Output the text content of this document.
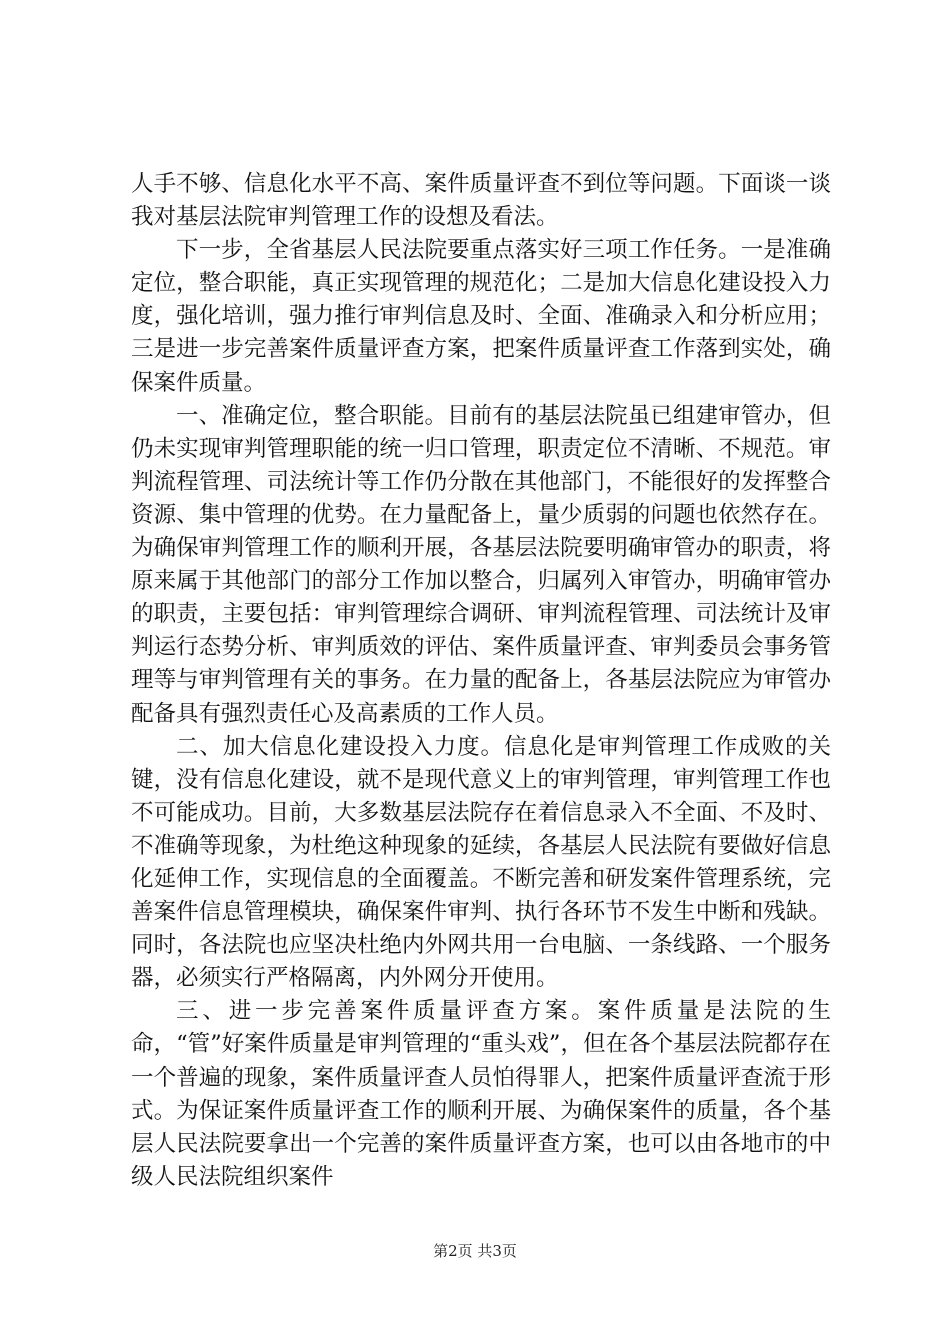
人手不够、信息化水平不高、案件质量评查不到位等问题。下面谈一谈我对基层法院审判管理工作的设想及看法。

下一步，全省基层人民法院要重点落实好三项工作任务。一是准确定位，整合职能，真正实现管理的规范化；二是加大信息化建设投入力度，强化培训，强力推行审判信息及时、全面、准确录入和分析应用；三是进一步完善案件质量评查方案，把案件质量评查工作落到实处，确保案件质量。

一、准确定位，整合职能。目前有的基层法院虽已组建审管办，但仍未实现审判管理职能的统一归口管理，职责定位不清晰、不规范。审判流程管理、司法统计等工作仍分散在其他部门，不能很好的发挥整合资源、集中管理的优势。在力量配备上，量少质弱的问题也依然存在。为确保审判管理工作的顺利开展，各基层法院要明确审管办的职责，将原来属于其他部门的部分工作加以整合，归属列入审管办，明确审管办的职责，主要包括：审判管理综合调研、审判流程管理、司法统计及审判运行态势分析、审判质效的评估、案件质量评查、审判委员会事务管理等与审判管理有关的事务。在力量的配备上，各基层法院应为审管办配备具有强烈责任心及高素质的工作人员。

二、加大信息化建设投入力度。信息化是审判管理工作成败的关键，没有信息化建设，就不是现代意义上的审判管理，审判管理工作也不可能成功。目前，大多数基层法院存在着信息录入不全面、不及时、不准确等现象，为杜绝这种现象的延续，各基层人民法院有要做好信息化延伸工作，实现信息的全面覆盖。不断完善和研发案件管理系统，完善案件信息管理模块，确保案件审判、执行各环节不发生中断和残缺。同时，各法院也应坚决杜绝内外网共用一台电脑、一条线路、一个服务器，必须实行严格隔离，内外网分开使用。

三、进一步完善案件质量评查方案。案件质量是法院的生命，“管”好案件质量是审判管理的“重头戏”，但在各个基层法院都存在一个普遍的现象，案件质量评查人员怕得罪人，把案件质量评查流于形式。为保证案件质量评查工作的顺利开展、为确保案件的质量，各个基层人民法院要拿出一个完善的案件质量评查方案，也可以由各地市的中级人民法院组织案件

第2页 共3页
